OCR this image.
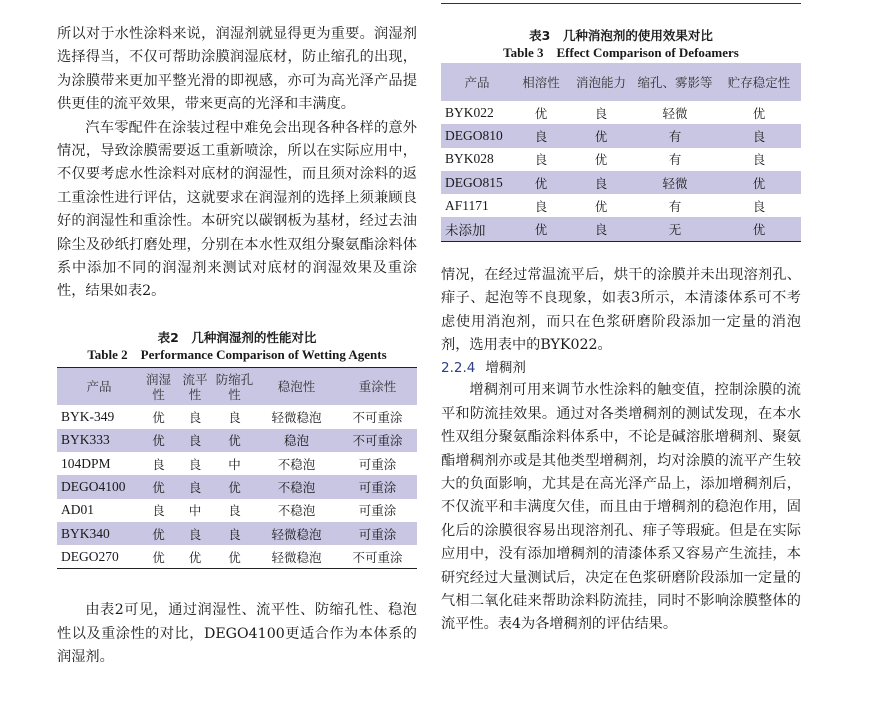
所以对于水性涂料来说，润湿剂就显得更为重要。润湿剂选择得当，不仅可帮助涂膜润湿底材，防止缩孔的出现，为涂膜带来更加平整光滑的即视感，亦可为高光泽产品提供更佳的流平效果，带来更高的光泽和丰满度。

汽车零配件在涂装过程中难免会出现各种各样的意外情况，导致涂膜需要返工重新喷涂，所以在实际应用中，不仅要考虑水性涂料对底材的润湿性，而且须对涂料的返工重涂性进行评估，这就要求在润湿剂的选择上须兼顾良好的润湿性和重涂性。本研究以碳钢板为基材，经过去油除尘及砂纸打磨处理，分别在本水性双组分聚氨酯涂料体系中添加不同的润湿剂来测试对底材的润湿效果及重涂性，结果如表2。

表2　几种润湿剂的性能对比
Table 2　Performance Comparison of Wetting Agents
产品	润湿性	流平性	防缩孔性	稳泡性	重涂性
BYK-349	优	良	良	轻微稳泡	不可重涂
BYK333	优	良	优	稳泡	不可重涂
104DPM	良	良	中	不稳泡	可重涂
DEGO4100	优	良	优	不稳泡	可重涂
AD01	良	中	良	不稳泡	可重涂
BYK340	优	良	良	轻微稳泡	可重涂
DEGO270	优	优	优	轻微稳泡	不可重涂

由表2可见，通过润湿性、流平性、防缩孔性、稳泡性以及重涂性的对比，DEGO4100更适合作为本体系的润湿剂。

表3　几种消泡剂的使用效果对比
Table 3　Effect Comparison of Defoamers
产品	相溶性	消泡能力	缩孔、雾影等	贮存稳定性
BYK022	优	良	轻微	优
DEGO810	良	优	有	良
BYK028	良	优	有	良
DEGO815	优	良	轻微	优
AF1171	良	优	有	良
未添加	优	良	无	优

情况，在经过常温流平后，烘干的涂膜并未出现溶剂孔、痱子、起泡等不良现象，如表3所示，本清漆体系可不考虑使用消泡剂，而只在色浆研磨阶段添加一定量的消泡剂，选用表中的BYK022。

2.2.4 增稠剂

增稠剂可用来调节水性涂料的触变值，控制涂膜的流平和防流挂效果。通过对各类增稠剂的测试发现，在本水性双组分聚氨酯涂料体系中，不论是碱溶胀增稠剂、聚氨酯增稠剂亦或是其他类型增稠剂，均对涂膜的流平产生较大的负面影响，尤其是在高光泽产品上，添加增稠剂后，不仅流平和丰满度欠佳，而且由于增稠剂的稳泡作用，固化后的涂膜很容易出现溶剂孔、痱子等瑕疵。但是在实际应用中，没有添加增稠剂的清漆体系又容易产生流挂，本研究经过大量测试后，决定在色浆研磨阶段添加一定量的气相二氧化硅来帮助涂料防流挂，同时不影响涂膜整体的流平性。表4为各增稠剂的评估结果。
